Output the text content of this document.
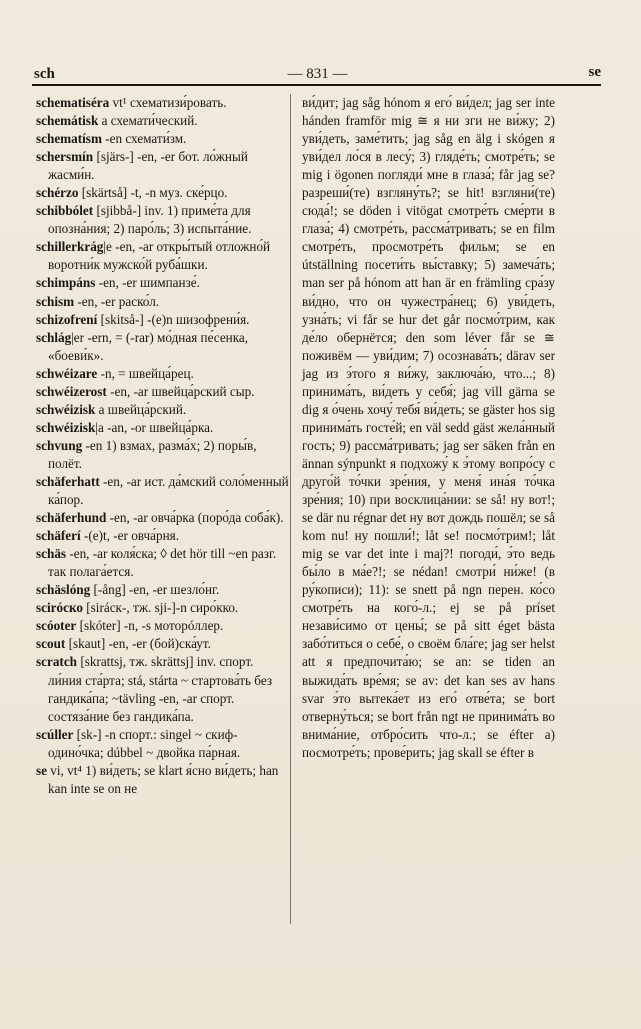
sch	— 831 —	se

schematiséra vt¹ схематизи́ровать.

schemátisk a схемати́ческий.

schematísm -en схемати́зм.

schersmín [sjärs-] -en, -er бот. ло́жный жасми́н.

schérzo [skärtså] -t, -n муз. ске́рцо.

schibbólet [sjibbå-] inv. 1) приме́та для опозна́ния; 2) паро́ль; 3) испыта́ние.

schillerkrág|e -en, -ar откры́тый отложно́й воротни́к мужско́й руба́шки.

schimpáns -en, -er шимпанзе́.

schism -en, -er раско́л.

schizofrení [skitså-] -(e)n шизофрени́я.

schlág|er -ern, = (-rar) мо́дная пе́сенка, «боеви́к».

schwéizare -n, = швейца́рец.

schwéizerost -en, -ar швейца́рский сыр.

schwéizisk a швейца́рский.

schwéizisk|a -an, -or швейца́рка.

schvung -en 1) взмах, разма́х; 2) поры́в, полёт.

schäferhatt -en, -ar ист. да́мский соло́менный ка́пор.

schäferhund -en, -ar овча́рка (поро́да соба́к).

schäferí -(e)t, -er овча́рня.

schäs -en, -ar коля́ска; ◊ det hör till ~en разг. так полага́ется.

schäslóng [-ång] -en, -er шезло́нг.

sciróско [sirácк-, тж. sji-]-n сиро́кко.

scóoter [skóter] -n, -s мотоpóллер.

scout [skaut] -en, -er (бой)ска́ут.

scratch [skrattsj, тж. skrättsj] inv. спорт. ли́ния ста́рта; stá, stárta ~ стартова́ть без гандика́па; ~tävling -en, -ar спорт. состяза́ние без гандика́па.

scúller [sk-] -n спорт.: singel ~ скиф-одино́чка; dúbbel ~ двойка па́рная.

se vi, vt⁴ 1) ви́деть; se klart я́сно ви́деть; han kan inte se on не

ви́дит; jag såg hónom я его́ ви́дел; jag ser inte hánden framför mig ≅ я ни зги не ви́жу; 2) уви́деть, заме́тить; jag såg en älg i skógen я уви́дел ло́ся в лесу́; 3) гляде́ть; смотре́ть; se mig i ögonen погляди́ мне в глаза́; får jag se? разреши́(те) взгляну́ть?; se hit! взгляни́(те) сюда́!; se döden i vitögat смотре́ть сме́рти в глаза́; 4) смотре́ть, рассма́тривать; se en film смотре́ть, просмотре́ть фильм; se en útställning посети́ть вы́ставку; 5) замеча́ть; man ser på hónom att han är en främling сра́зу ви́дно, что он чужестра́нец; 6) уви́деть, узна́ть; vi får se hur det går посмо́трим, как де́ло обернётся; den som léver får se ≅ поживём — уви́дим; 7) осознава́ть; därav ser jag из э́того я ви́жу, заключа́ю, что...; 8) принима́ть, ви́деть у себя́; jag vill gärna se dig я о́чень хочу́ тебя́ ви́деть; se gäster hos sig принима́ть госте́й; en väl sedd gäst жела́нный гость; 9) рассма́тривать; jag ser säken från en ännan sýnpunkt я подхожу́ к э́тому вопро́су с друго́й то́чки зре́ния, у меня́ ина́я то́чка зре́ния; 10) при восклица́нии: se så! ну вот!; se där nu régnar det ну вот дождь пошёл; se så kom nu! ну пошли́!; låt se! посмо́трим!; låt mig se var det inte i maj?! погоди́, э́то ведь бы́ло в ма́е?!; se nédan! смотри́ ни́же! (в ру́кописи); 11): se snett på ngn перен. ко́со смотре́ть на кого́-л.; ej se på príset незави́симо от цены́; se på sitt éget bästa забо́титься о себе́, о своём бла́ге; jag ser helst att я предпочита́ю; se an: se tiden an выжида́ть вре́мя; se av: det kan ses av hans svar э́то вытека́ет из его́ отве́та; se bort отверну́ться; se bort från ngt не принима́ть во внима́ние, отбро́сить что-л.; se éfter a) посмотре́ть; прове́рить; jag skall se éfter в
